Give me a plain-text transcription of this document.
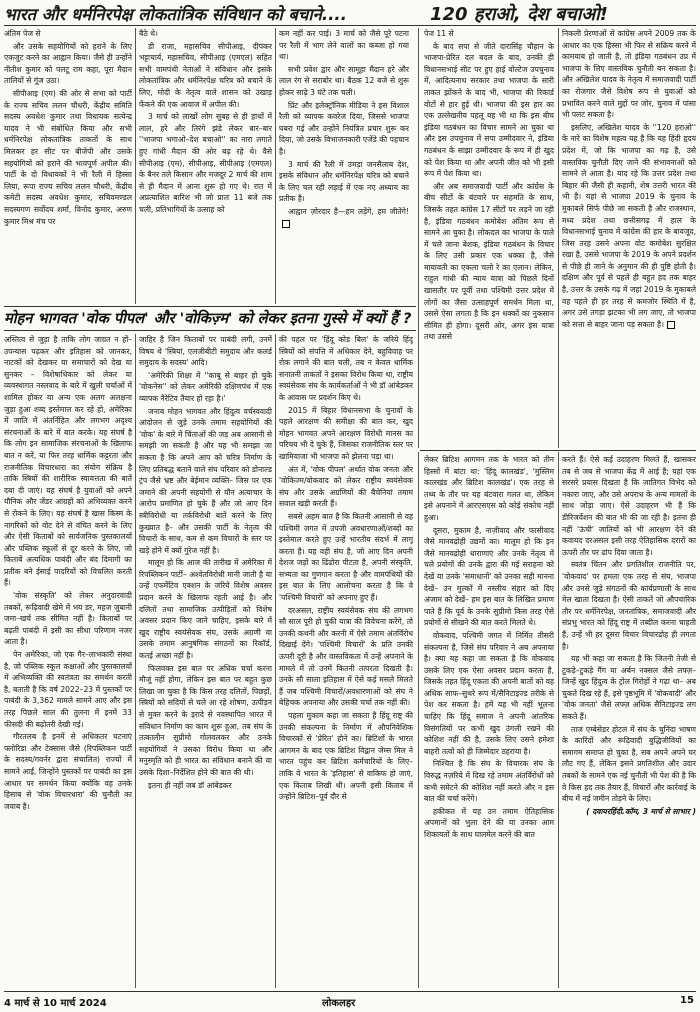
भारत और धर्मनिरपेक्ष लोकतांत्रिक संविधान को बचाने....	120 हराओ, देश बचाओ!

अंतिम पेज से

और उसके सहयोगियों को हराने के लिए एकजुट करने का आह्वान किया। जैसे ही उन्होंने नीतीश कुमार को पलटू राम कहा, पूरा मैदान तालियों से गूंज उठा।

सीपीआइ (एम) की ओर से सभा को पार्टी के राज्य सचिव ललन चौधरी, केंद्रीय समिति सदस्य अवधेश कुमार तथा विधायक सत्येन्द्र यादव ने भी संबोधित किया और सभी धर्मनिरपेक्ष लोकतांत्रिक ताकतों के साथ मिलकर हर सीट पर बीजेपी और उसके सहयोगियों को हराने की भावपूर्ण अपील की। पार्टी के दो विधायकों ने भी रैली में हिस्सा लिया, रूपा राज्य सचिव ललन चौधरी, केंद्रीय कमेटी सदस्य अवधेश कुमार, सचिवमण्डल सदस्यगण सर्वोदय शर्मा, विनोद कुमार, अरुण कुमार मिश्र मंच पर

बैठे थे।

डी राजा, महासचिव सीपीआइ, दीपंकर भट्टाचार्य, महासचिव, सीपीआइ (एमएल) सहित सभी वामपंथी नेताओं ने संविधान और इसके लोकतांत्रिक और धर्मनिरपेक्ष चरित्र को बचाने के लिए, मोदी के नेतृत्व वाले शासन को उखाड़ फेंकने की एक आवाज में अपील की।

3 मार्च को लाखों लोग सुबह से ही हाथों में लाल, हरे और तिरंगे झंडे लेकर बार–बार ''भाजपा भगाओ–देश बचाओ'' का नारा लगाते हुए गांधी मैदान की ओर बढ़ रहे थे। वैसे सीपीआइ (एम), सीपीआइ, सीपीआइ (एमएल) के बैनर तले किसान और मजदूर 2 मार्च की शाम से ही मैदान में आना शुरू हो गए थे। रात में अप्रत्याशित बारिश भी जो प्रातः 11 बजे तक चली, प्रतिभागियों के उत्साह को

कम नहीं कर पाई। 3 मार्च को जैसे पूरे पटना पर रैली में भाग लेने वालों का कब्जा हो गया था।

सभी प्रवेश द्वार और सामूहा मैदान हरे और लाल रंग से सराबोर था। बैठक 12 बजे से शुरू होकर साढ़े 3 घंटे तक चली।

प्रिंट और इलेक्ट्रॉनिक मीडिया ने इस विशाल रैली को व्यापक कवरेज दिया, जिससे भाजपा घबरा गई और उन्होंने नियंत्रित प्रचार शुरू कर दिया, जो उसके विभाजनकारी एजेंडे की पहचान है।

3 मार्च की रैली में उमड़ा जनसैलाब देश, इसके संविधान और धर्मनिरपेक्ष चरित्र को बचाने के लिए चल रही लड़ाई में एक नए अध्याय का प्रतीक है।

आह्वान ज़ोरदार है—हम लड़ेंगे, हम जीतेंगे!

पेज 11 से

के बाद सपा से जीते दारासिंह चौहान के भाजपा-प्रेरित दल बदल के बाद, उनकी ही विधानसभाई सीट पर हुए हाई वोल्टेज उपचुनाव में, आदित्यनाथ सरकार तथा भाजपा के सारी ताकत झोंकने के बाद भी, भाजपा की रिकार्ड वोटों से हार हुई थी। भाजपा की इस हार का एक उल्लेखनीय पहलू यह भी था कि इस बीच इंडिया गठबंधन का विचार सामने आ चुका था और इस उपचुनाव में सपा उम्मीदवार ने, इंडिया गठबंधन के साझा उम्मीदवार के रूप में ही खुद को पेश किया था और अपनी जीत को भी इसी रूप में पेश किया था।

और अब समाजवादी पार्टी और कांग्रेस के बीच सीटों के बंटवारे पर सहमति के साथ, जिसके तहत कांग्रेस 17 सीटों पर लड़ने जा रही है, इंडिया गठबंधन कमोबेश अंतिम रूप से सामने आ चुका है। लोकदल का भाजपा के पाले में चले जाना बेशक, इंडिया गठबंधन के विचार के लिए उसी प्रकार एक धक्का है, जैसे मायावती का एकला चलो रे का एलान। लेकिन, राहुल गांधी की न्याय यात्रा को पिछले दिनों खासतौर पर पूर्वी तथा पश्चिमी उत्तर प्रदेश में लोगों का जैसा उत्साहपूर्ण समर्थन मिला था, उससे ऐसा लगता है कि इन धक्कों का नुकसान सीमित ही होगा। दूसरी ओर, अगर इस यात्रा तथा उससे

निकली प्रेरणाओं से कांग्रेस अपने 2009 तक के आधार का एक हिस्सा भी फिर से सक्रिय करने में कामयाब हो जाती है, तो इंडिया गठबंधन उप्र में भाजपा के लिए वास्तविक चुनौती बन सकता है। और अखिलेश यादव के नेतृत्व में समाजवादी पार्टी का रोजगार जैसे विशेष रूप से युवाओं को प्रभावित करने वाले मुद्दों पर जोर, चुनाव में पांसा भी पलट सकता है।

इसलिए, अखिलेश यादव के ''120 हराओ'' के नारे का विशेष महत्व यह है कि यह हिंदी हृदय प्रदेश में, जो कि भाजपा का गढ़ है, उसे वास्तविक चुनौती दिए जाने की संभावनाओं को सामने ले आता है। याद रहे कि उत्तर प्रदेश तथा बिहार की जैसी ही कहानी, शेष उत्तरी भारत की भी है। यहां से भाजपा 2019 के चुनाव के मुकाबले सिर्फ पीछे जा सकती है और राजस्थान, मध्य प्रदेश तथा छत्तीसगढ़ में हाल के विधानसभाई चुनाव में कांग्रेस की हार के बावजूद, जिस तरह उसने अपना वोट कमोबेश सुरक्षित रखा है, उससे भाजपा के 2019 के अपने प्रदर्शन से पीछे ही जाने के अनुमान की ही पुष्टि होती है। दक्षिण और पूर्व से पहले ही बहुत हद तक बाहर है, उत्तर के उसके गढ़ में जहां 2019 के मुकाबले वह पहले ही हर तरह से कमजोर स्थिति में है, अगर उसे तगड़ा झटका भी लग जाए, तो भाजपा को सत्ता से बाहर जाना पड़ सकता है।

मोहन भागवत 'वोक पीपल' और 'वोकिज़्म' को लेकर इतना गुस्से में क्यों हैं ?

अस्तित्व से जुड़ा है ताकि लोग जाग्रत न हों– उपन्यास पढ़कर और इतिहास को जानकर, नाटकों को देखकर या समाचारों को देख या सुनकर – विशेषाधिकार को लेकर या व्यवस्थागत नस्लवाद के बारे में खुली चर्चाओं में शामिल होकर या अन्य एक अलग अलक्षना जुड़ा हुआ शब्द इस्तेमाल कर रहे हो, अमेरिका में जाति में अंतर्निहित और लगभग अदृश्य संरचनाओं के बारे में बात करके। यह संघर्ष है कि लोग इन सामाजिक संरचनाओं के खिलाफ बात न करें, या फिर तरह धार्मिक कट्टरता और राजनीतिक विचारधारा का संयोग संक्रिय है ताकि स्त्रियों की शारीरिक स्वायत्तता की बातें दबा दी जाएं। यह संघर्ष है युवाओं को अपने यौनिक और जेंडर आग्रहों को अभिव्यक्त करने से रोकने के लिए। यह संघर्ष है खास किस्म के नागरिकों को वोट देने से वंचित करने के लिए और ऐसी किताबों को सार्वजनिक पुस्तकालयों और पब्लिक स्कूलों से दूर करने के लिए, जो किताबें अत्यधिक पाबंदी और बंद दिमागी का प्रतीक बने ईसाई पादरियों को विचलित करती हैं।

'वोक संस्कृति' को लेकर अनुदारवादी तबकों, रूढ़िवादी खेमे में भय डर, महज जुबानी जमा–खर्च तक सीमित नहीं है। किताबों पर बढ़ती पाबंदी में इसी का सीधा परिणाम नजर आता है।

पेन अमेरिका, जो एक गैर–लाभकारी संस्था है, जो पब्लिक स्कूल कक्षाओं और पुस्तकालयों में अभिव्यक्ति की स्वतंत्रता का समर्थन करती है, बताती है कि वर्ष 2022–23 में पुस्तकों पर पाबंदी के 3,362 मामले सामने आए और इस तरह पिछले साल की तुलना में इनमें 33 फीसदी की बढ़ोतरी देखी गई।

गौरतलब है इनमें से अधिकतर घटनाएं फ्लोरिडा और टेक्सास जैसे (रिपब्लिकन पार्टी के सदस्य/गवर्नर द्वारा संचालित) राज्यों में सामने आईं, जिन्होंने पुस्तकों पर पाबंदी का इस आधार पर समर्थन किया क्योंकि वह उनके हिसाब से 'वोक विचारधारा' की चुनौती का जवाब है।

जाहिर है जिन किताबों पर पाबंदी लगी, उनमें विषय थे 'स्त्रियां, एलजीबीटी समुदाय और कलर्ड समुदाय के सदस्य' आदि।

'अमेरिकी शिक्षा में ''काबू से बाहर हो चुके 'वोकनेस'' को लेकर अमेरिकी दक्षिणपंथ में एक व्यापक नैरेटिव तैयार हो रहा है।'

जनाब मोहन भागवत और हिंदुत्व वर्चस्ववादी आंदोलन से जुड़े उनके तमाम सहयोगियों की 'वोक' के बारे में चिंताओं की जड़ अब आसानी से समझी जा सकती है और यह भी समझा जा सकता है कि अपने आप को चरित्र निर्माण के लिए प्रतिबद्ध बताने वाले संघ परिवार को डोनाल्ड ट्रंप जैसे भ्रष्ट और बेईमान व्यक्ति– जिस पर एक जमाने की अपनी सहयोगी से यौन अत्याचार के आरोप प्रमाणित हो चुके हैं और जो आए दिन स्त्रीविरोधी या तर्कविरोधी बातें करने के लिए कुख्यात है– और उसकी पार्टी के नेतृत्व की विचारों के साथ, कम से कम विचारों के स्तर पर खड़े होने में क्यों गुरेज नहीं है।

मालूम हो कि आज की तारीख में अमेरिका में रिपब्लिकन पार्टी– अश्वेतविरोधी मानी जाती है या उन्हें एफर्मेटिव एक्शन के जरिये विशेष अवसर प्रदान करने के खिलाफ रहती आई है। और दलितों तथा सामाजिक उत्पीड़ितों को विशेष अवसर प्रदान किए जाने चाहिए, इसके बारे में खुद राष्ट्रीय स्वयंसेवक संघ, उसके अग्रणी या उसके तमाम आनुषंगिक संगठनों का रिकॉर्ड, कतई अच्छा नहीं है।

फिलवक्त इस बात पर अधिक चर्चा करना मौजूं नहीं होगा, लेकिन इस बात पर बहुत कुछ लिखा जा चुका है कि किस तरह दलितों, पिछड़ों, स्त्रियों को सदियों से चले आ रहे शोषण, उत्पीड़न से मुक्त करने के इरादे से नवस्थापित भारत में संविधान निर्माण का काम शुरू हुआ, तब संघ के तत्कालीन सुप्रीमो गोलवलकर और उनके सहयोगियों ने उसका विरोध किया था और मनुस्मृति को ही भारत का संविधान बनाने की या उसके दिशा–निर्देशित होने की बात की थी।

इतना ही नहीं जब डॉ आंबेडकर

की पहल पर 'हिंदू कोड बिल' के जरिये हिंदू स्त्रियों को संपत्ति में अधिकार देने, बहुविवाह पर रोक लगाने की बात चली, तब न केवल धार्मिक सनातनी ताकतों ने इसका विरोध किया था, राष्ट्रीय स्वयंसेवक संघ के कार्यकर्ताओं ने भी डॉ आंबेडकर के आवास पर प्रदर्शन किए थे।

2015 में बिहार विधानसभा के चुनावों के पहले आरक्षण की समीक्षा की बात कर, खुद मोहन भागवत अपने आरक्षण विरोधी मानस का परिचय भी दे चुके हैं, जिसका राजनीतिक स्तर पर खामियाजा भी भाजपा को झेलना पड़ा था।

अंत में, 'वोक पीपल' अर्थात वोक जनता और 'वोकिज्म/वोकवाद को लेकर राष्ट्रीय स्वयंसेवक संघ और उसके अग्रणियों की बैचेनियां तमाम सवाल खड़ी करती हैं।

सबसे अहम बात है कि कितनी आसानी से वह पश्चिमी जगत में उपजी अवधारणाओं/शब्दों का इस्तेमाल करते हुए उन्हें भारतीय संदर्भ में लागू करता है। यह वही संघ है, जो आए दिन अपनी देशज जड़ों का ढिंढोरा पीटता है, अपनी संस्कृति, सभ्यता का गुणगान करता है और वामपंथियों की इस बात के लिए आलोचना करता है कि वे 'पश्चिमी विचारों' को अपनाए हुए हैं।

दरअसल, राष्ट्रीय स्वयंसेवक संघ की लगभग सौ साल पूरी हो चुकी यात्रा की विवेचना करेंगे, तो उनकी कथनी और करनी में ऐसे तमाम अंतर्विरोध दिखाई देंगे। 'पश्चिमी विचारों' के प्रति उनकी ऊपरी दूरी है और वास्तविकता में उन्हें अपनाने के मामले में तो उनमें कितनी तत्परता दिखती है। उनके सौ साला इतिहास में ऐसे कई मसले मिलते हैं जब पश्चिमी विचारों/अवधारणाओं को संघ ने बेहिचक अपनाया और उसकी चर्चा तक नहीं की।

पहला मुकाम कहा जा सकता है हिंदू राष्ट्र की उनकी संकल्पना के निर्माण में औपनिवेशिक विचारकों से 'प्रेरित' होने का। ब्रिटिशों के भारत आगमन के बाद एक ब्रिटिश विद्वान जेम्स मिल ने भारत पहुंच कर ब्रिटिश कर्मचारियों के लिए– ताकि वे भारत के 'इतिहास' से वाकिफ हो जाएं, एक किताब लिखी थी। अपनी इसी किताब में उन्होंने ब्रिटिश–पूर्व दौर से

लेकर ब्रिटिश आगमन तक के भारत को तीन हिस्सों में बांटा था: 'हिंदू कालखंड', 'मुस्लिम कालखंड और ब्रिटिश कालखंड'। एक तरह से तथ्य के तौर पर यह बंटवारा गलत था, लेकिन इसे अपनाने में आरएसएस को कोई संकोच नहीं हुआ।

दूसरा, मुकाम है, नाज़ीवाद और फासीवाद जैसे मानवद्रोही उद्यमों का। मालूम हो कि इन जैसे मानवद्रोही धाराणाएं और उनके नेतृत्व में चले प्रयोगों की उनके द्वारा की गई सराहना को देखें या उनके 'समाधानों' को उनका सही मानना देखें– उन मुल्कों में नस्लीय संहार को दिए अंजाम को देखें– हम इस बात के लिखित प्रमाण पाते हैं कि पूर्व के उनके सुप्रीमो किस तरह ऐसे प्रयोगों से सीखने की बात करते मिलते थे।

वोकवाद, पश्चिमी जगत में निर्मित तीसरी संकल्पना है, जिसे संघ परिवार ने अब अपनाया है। क्या यह कहा जा सकता है कि वोकवाद उसके लिए एक ऐसा अवसर प्रदान करता है, जिसके तहत हिंदू एकता की अपनी बातों को वह अधिक साफ–सुथरे रूप में/सैनिटाइज्ड तरीके से पेश कर सकता है। हमें यह भी नहीं भूलना चाहिए कि हिंदू समाज ने अपनी आंतरिक विसंगतियों पर कभी खुद उंगली रखने की कोशिश नहीं की है, उसके लिए उसने हमेशा बाहरी तत्वों को ही जिम्मेदार ठहराया है।

निश्चित है कि संघ के विचारक संघ के विरुद्ध नज़रिये में दिख रहे तमाम अंतर्विरोधों को कभी समेटने की कोशिश नहीं करते और न इस बात की चर्चा करेंगे।

हकीकत में यह उन तमाम ऐतिहासिक अपमानों को भुला देने की या उनका आम शिकायतों के साथ घालमेल करने की बात

करते हैं। ऐसे कई उदाहरण मिलते हैं, खासकर तब से जब से भाजपा केंद्र में आई है; यहां एक सरसरे प्रयास दिखता है कि जातिगत विभेद को नकारा जाए, और उसे अपराध के अन्य मामलों के साथ जोड़ा जाए। ऐसे उदाहरण भी हैं कि डीरिजर्वेशन की बात भी की जा रही है। इतना ही नहीं 'ऊंची' जातियों को भी आरक्षण देने की कवायद दरअसल इसी तरह ऐतिहासिक दरारों का ऊपरी तौर पर ढांप दिया जाता है।

स्वतंत्र चिंतन और प्रगतिशील राजनीति पर, 'वोकवाद' पर हमला एक तरह से संघ, भाजपा और उनसे जुड़े संगठनों की कार्यप्रणाली के साथ मेल खाता दिखता है। ऐसी ताकतें जो औपचारिक तौर पर धर्मनिरपेक्ष, जनतांत्रिक, समाजवादी और संप्रभु भारत को हिंदू राष्ट्र में तब्दील करना चाहती हैं, उन्हें भी हर दूसरा विचार विचारद्रोह ही लगता है।

यह भी कहा जा सकता है कि जितनी तेजी से टुकड़े–टुकड़े गैंग या अर्बन नक्सल जैसे लफ्ज़– जिन्हें खुद हिंदुत्व के ट्रोल गिरोहों ने गढ़ा था– अब चुकते दिख रहे हैं, इसे पृष्ठभूमि में 'वोकवादी' और 'वोक जनता' जैसे लफ्ज़ अधिक सैनिटाइज्ड लग सकते हैं।

ताज एम्बेसेडर होटल में संघ के चुनिंदा भाषण के कारिंदों और रूढ़िवादी बुद्धिजीवियों का समागम समाप्त हो चुका है, सब अपने अपने घर लौट गए हैं, लेकिन इसने प्रगतिशील और उदार तबकों के सामने एक नई चुनौती भी पेश की है कि वे किस हद तक तैयार हैं, विचारों और कार्रवाई के बीच में नई जमीन तोड़ने के लिए।

( दवायरहिंदी.कॉम, 3 मार्च से साभार )

4 मार्च से 10 मार्च 2024	लोकलहर	15
